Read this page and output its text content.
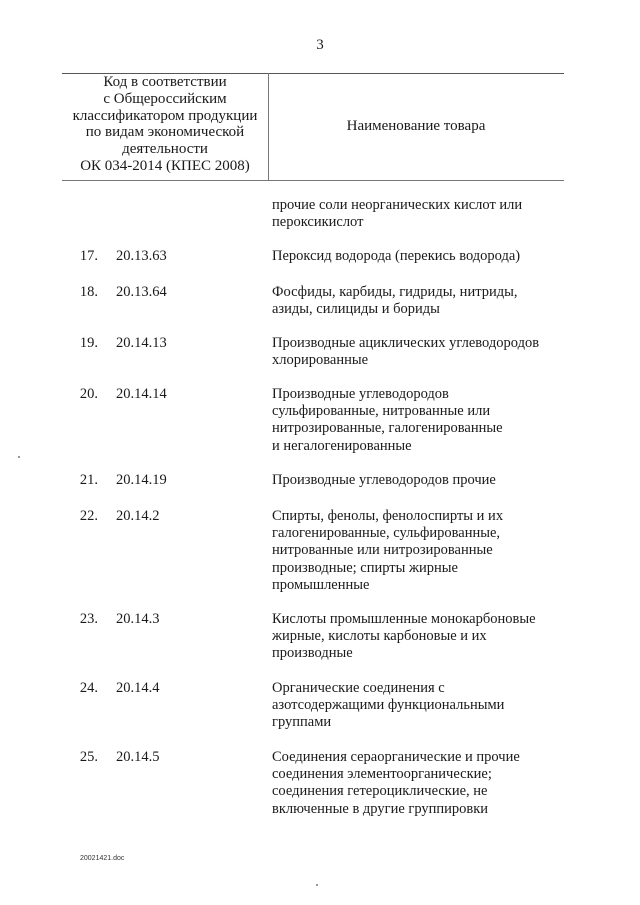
3
Код в соответствии
с Общероссийским
классификатором продукции
по видам экономической
деятельности
ОК 034-2014 (КПЕС 2008)
Наименование товара
прочие соли неорганических кислот или
пероксикислот
17. 20.13.63	Пероксид водорода (перекись водорода)
18. 20.13.64	Фосфиды, карбиды, гидриды, нитриды,
азиды, силициды и бориды
19. 20.14.13	Производные ациклических углеводородов
хлорированные
20. 20.14.14	Производные углеводородов
сульфированные, нитрованные или
нитрозированные, галогенированные
и негалогенированные
21. 20.14.19	Производные углеводородов прочие
22. 20.14.2	Спирты, фенолы, фенолоспирты и их
галогенированные, сульфированные,
нитрованные или нитрозированные
производные; спирты жирные
промышленные
23. 20.14.3	Кислоты промышленные монокарбоновые
жирные, кислоты карбоновые и их
производные
24. 20.14.4	Органические соединения с
азотсодержащими функциональными
группами
25. 20.14.5	Соединения сераорганические и прочие
соединения элементоорганические;
соединения гетероциклические, не
включенные в другие группировки
20021421.doc
